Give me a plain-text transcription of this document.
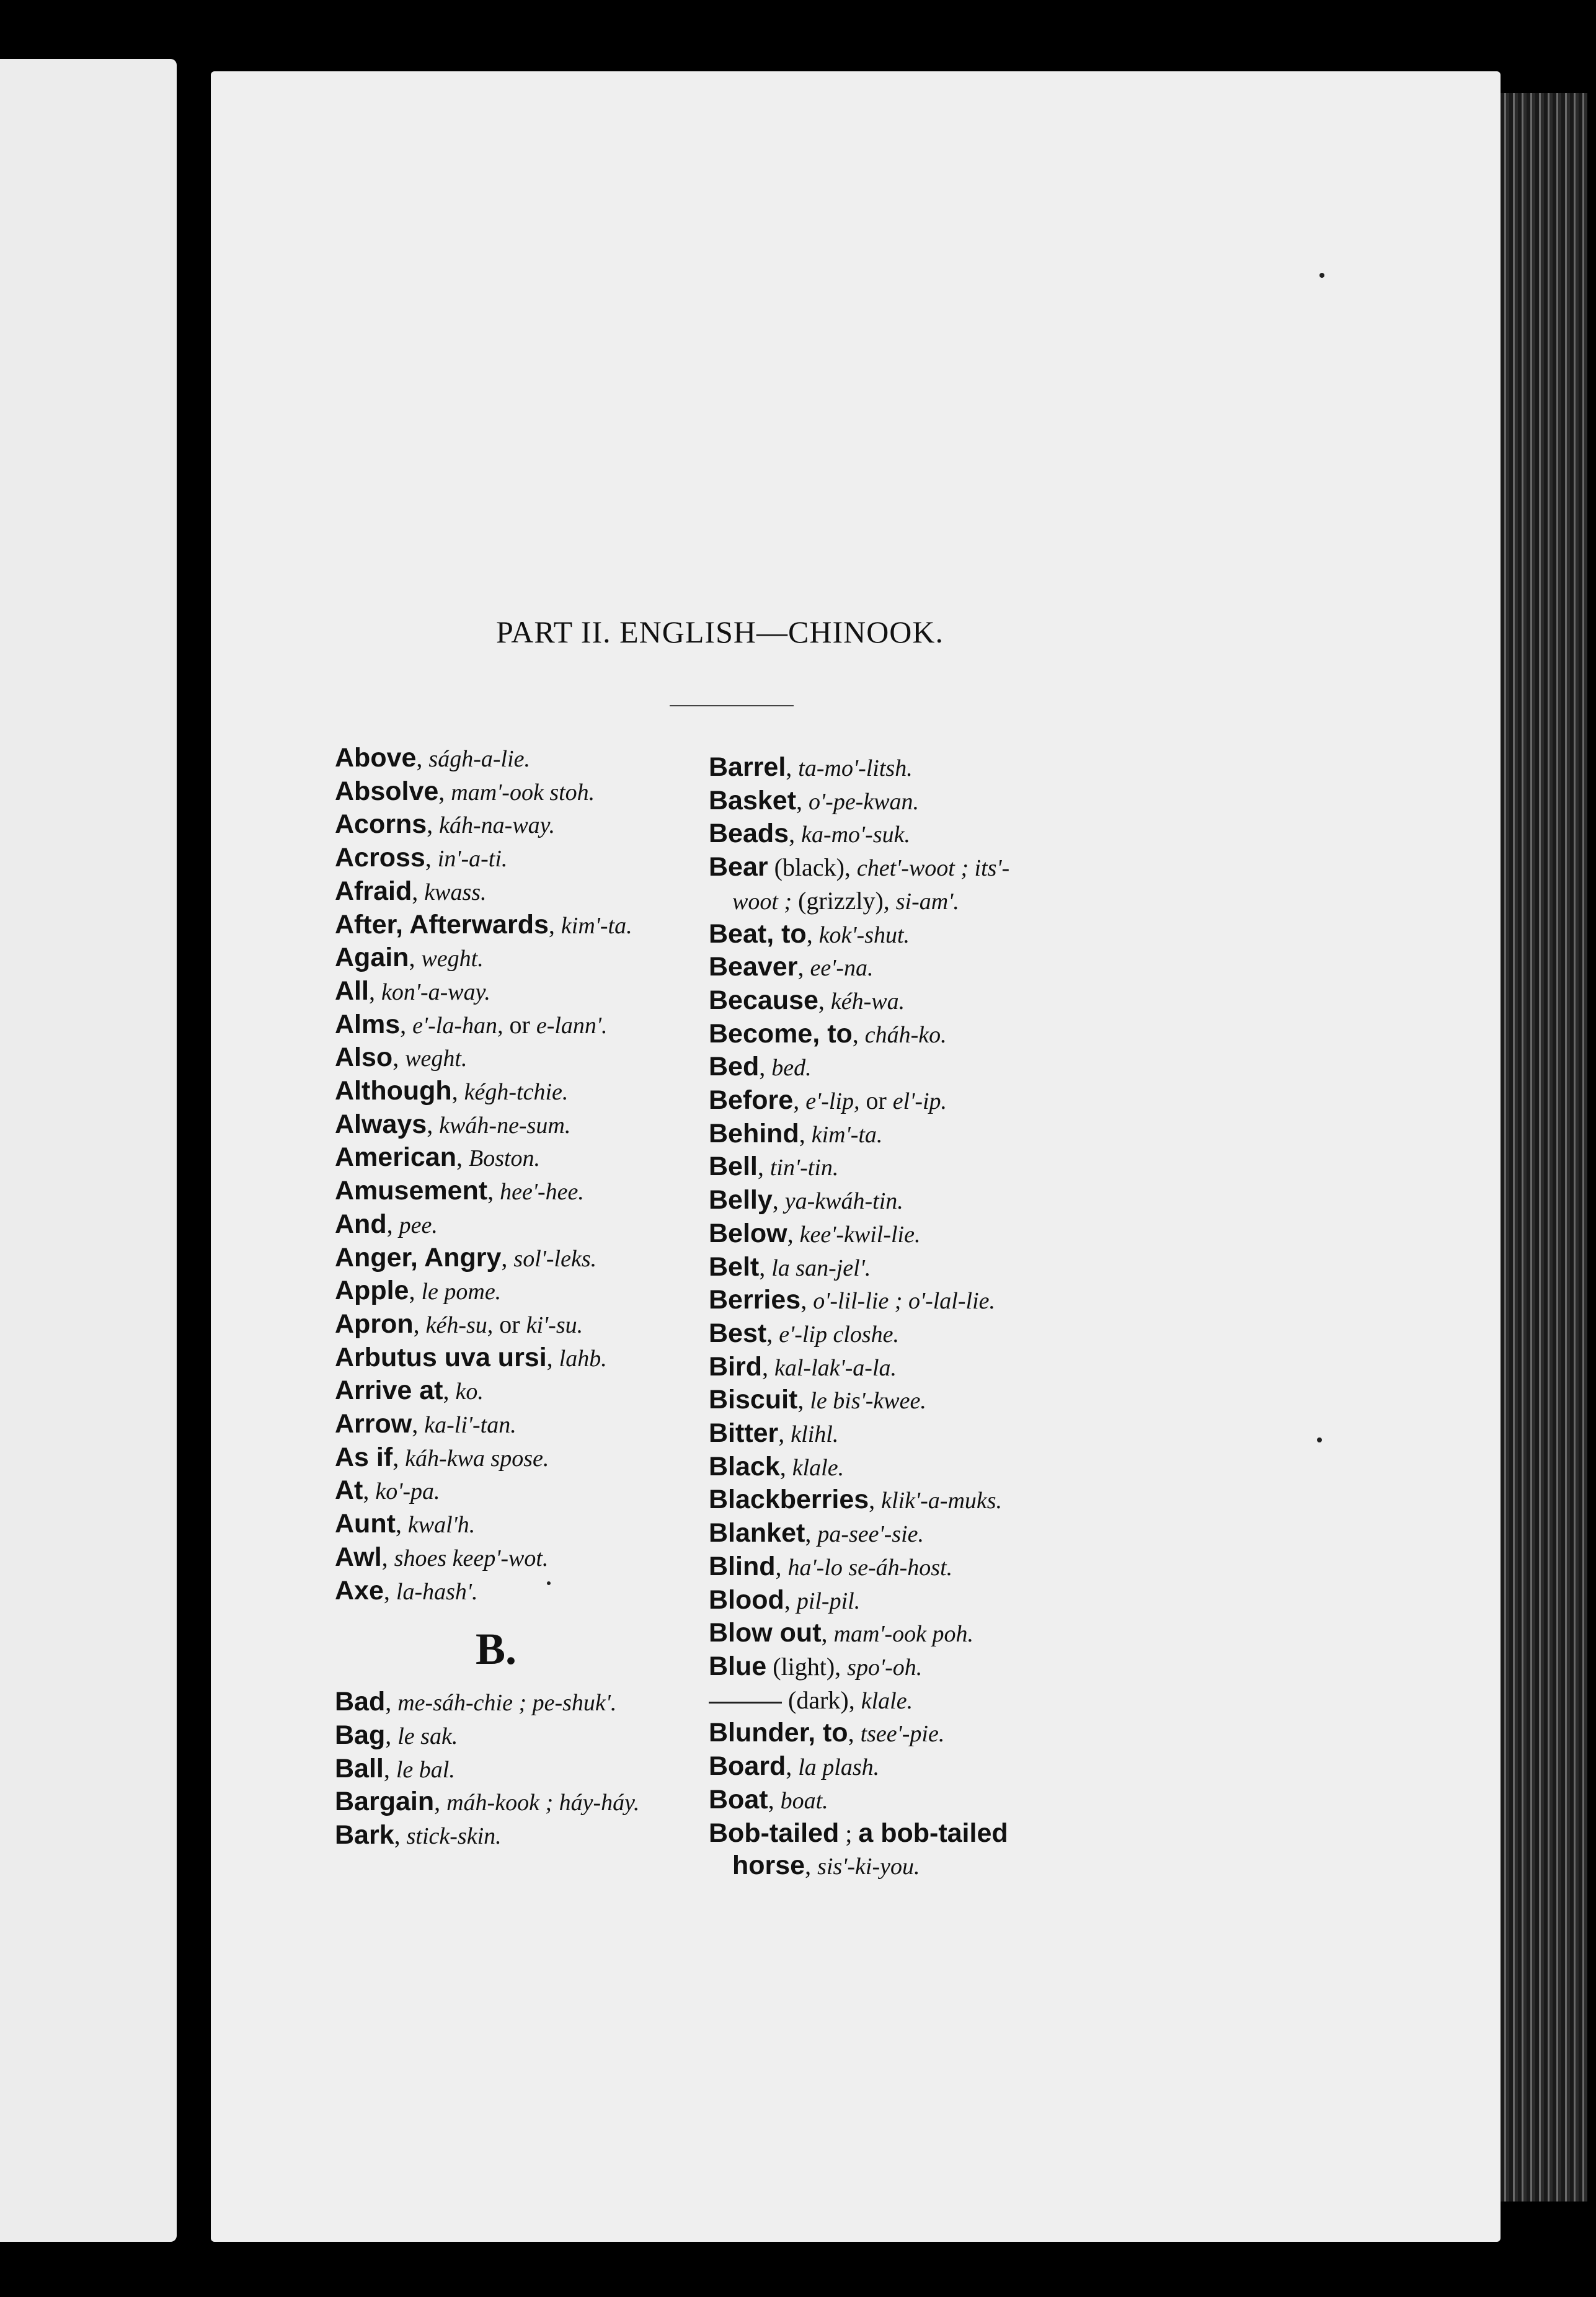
PART II. ENGLISH—CHINOOK.
Above, ságh-a-lie.
Absolve, mam'-ook stoh.
Acorns, káh-na-way.
Across, in'-a-ti.
Afraid, kwass.
After, Afterwards, kim'-ta.
Again, weght.
All, kon'-a-way.
Alms, e'-la-han, or e-lann'.
Also, weght.
Although, kégh-tchie.
Always, kwáh-ne-sum.
American, Boston.
Amusement, hee'-hee.
And, pee.
Anger, Angry, sol'-leks.
Apple, le pome.
Apron, kéh-su, or ki'-su.
Arbutus uva ursi, lahb.
Arrive at, ko.
Arrow, ka-li'-tan.
As if, káh-kwa spose.
At, ko'-pa.
Aunt, kwal'h.
Awl, shoes keep'-wot.
Axe, la-hash'.
B.
Bad, me-sáh-chie ; pe-shuk'.
Bag, le sak.
Ball, le bal.
Bargain, máh-kook ; háy-háy.
Bark, stick-skin.
Barrel, ta-mo'-litsh.
Basket, o'-pe-kwan.
Beads, ka-mo'-suk.
Bear (black), chet'-woot ; its'-
woot ; (grizzly), si-am'.
Beat, to, kok'-shut.
Beaver, ee'-na.
Because, kéh-wa.
Become, to, cháh-ko.
Bed, bed.
Before, e'-lip, or el'-ip.
Behind, kim'-ta.
Bell, tin'-tin.
Belly, ya-kwáh-tin.
Below, kee'-kwil-lie.
Belt, la san-jel'.
Berries, o'-lil-lie ; o'-lal-lie.
Best, e'-lip closhe.
Bird, kal-lak'-a-la.
Biscuit, le bis'-kwee.
Bitter, klihl.
Black, klale.
Blackberries, klik'-a-muks.
Blanket, pa-see'-sie.
Blind, ha'-lo se-áh-host.
Blood, pil-pil.
Blow out, mam'-ook poh.
Blue (light), spo'-oh.
(dark), klale.
Blunder, to, tsee'-pie.
Board, la plash.
Boat, boat.
Bob-tailed ; a bob-tailed
horse, sis'-ki-you.
